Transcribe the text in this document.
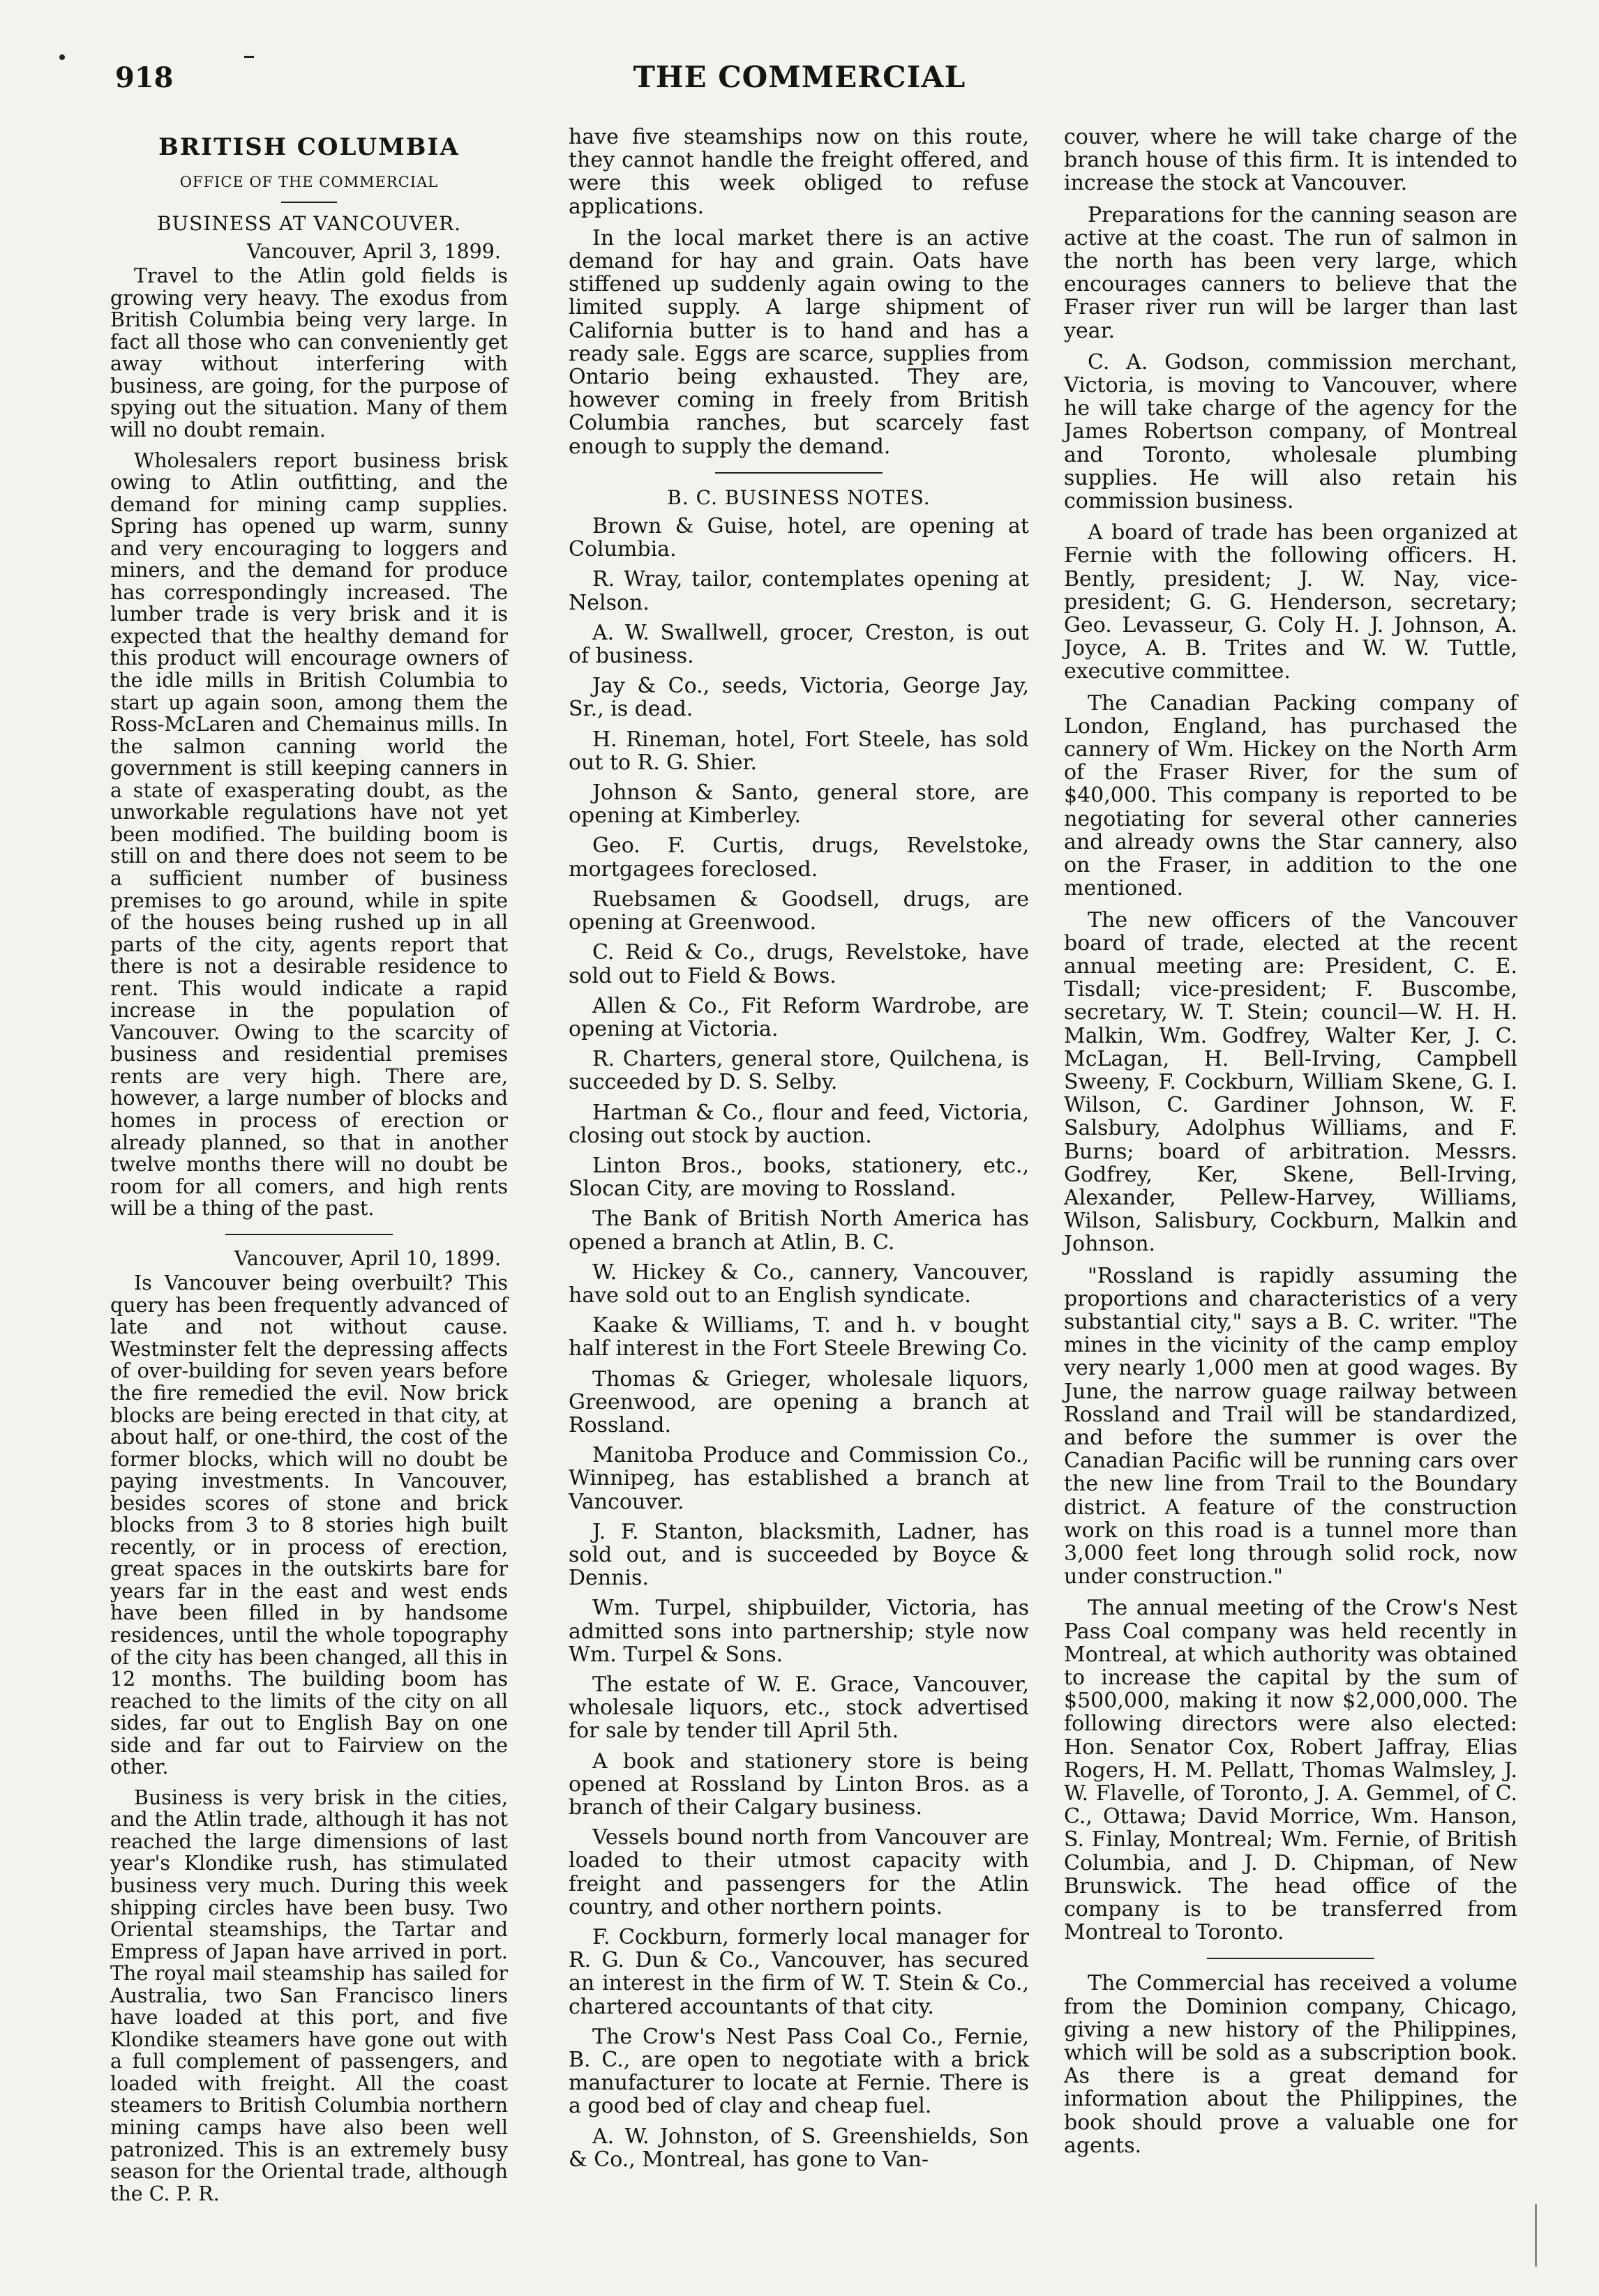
918	THE COMMERCIAL
BRITISH COLUMBIA
OFFICE OF THE COMMERCIAL
BUSINESS AT VANCOUVER.
Vancouver, April 3, 1899.

Travel to the Atlin gold fields is growing very heavy. The exodus from British Columbia being very large. In fact all those who can conveniently get away without interfering with business, are going, for the purpose of spying out the situation. Many of them will no doubt remain.

Wholesalers report business brisk owing to Atlin outfitting, and the demand for mining camp supplies. Spring has opened up warm, sunny and very encouraging to loggers and miners, and the demand for produce has correspondingly increased. The lumber trade is very brisk and it is expected that the healthy demand for this product will encourage owners of the idle mills in British Columbia to start up again soon, among them the Ross-McLaren and Chemainus mills. In the salmon canning world the government is still keeping canners in a state of exasperating doubt, as the unworkable regulations have not yet been modified. The building boom is still on and there does not seem to be a sufficient number of business premises to go around, while in spite of the houses being rushed up in all parts of the city, agents report that there is not a desirable residence to rent. This would indicate a rapid increase in the population of Vancouver. Owing to the scarcity of business and residential premises rents are very high. There are, however, a large number of blocks and homes in process of erection or already planned, so that in another twelve months there will no doubt be room for all comers, and high rents will be a thing of the past.

Vancouver, April 10, 1899.

Is Vancouver being overbuilt? This query has been frequently advanced of late and not without cause. Westminster felt the depressing affects of over-building for seven years before the fire remedied the evil. Now brick blocks are being erected in that city, at about half, or one-third, the cost of the former blocks, which will no doubt be paying investments. In Vancouver, besides scores of stone and brick blocks from 3 to 8 stories high built recently, or in process of erection, great spaces in the outskirts bare for years far in the east and west ends have been filled in by handsome residences, until the whole topography of the city has been changed, all this in 12 months. The building boom has reached to the limits of the city on all sides, far out to English Bay on one side and far out to Fairview on the other.

Business is very brisk in the cities, and the Atlin trade, although it has not reached the large dimensions of last year's Klondike rush, has stimulated business very much. During this week shipping circles have been busy. Two Oriental steamships, the Tartar and Empress of Japan have arrived in port. The royal mail steamship has sailed for Australia, two San Francisco liners have loaded at this port, and five Klondike steamers have gone out with a full complement of passengers, and loaded with freight. All the coast steamers to British Columbia northern mining camps have also been well patronized. This is an extremely busy season for the Oriental trade, although the C. P. R.

have five steamships now on this route, they cannot handle the freight offered, and were this week obliged to refuse applications.

In the local market there is an active demand for hay and grain. Oats have stiffened up suddenly again owing to the limited supply. A large shipment of California butter is to hand and has a ready sale. Eggs are scarce, supplies from Ontario being exhausted. They are, however coming in freely from British Columbia ranches, but scarcely fast enough to supply the demand.

B. C. BUSINESS NOTES.
Brown & Guise, hotel, are opening at Columbia.
R. Wray, tailor, contemplates opening at Nelson.
A. W. Swallwell, grocer, Creston, is out of business.
Jay & Co., seeds, Victoria, George Jay, Sr., is dead.
H. Rineman, hotel, Fort Steele, has sold out to R. G. Shier.
Johnson & Santo, general store, are opening at Kimberley.
Geo. F. Curtis, drugs, Revelstoke, mortgagees foreclosed.
Ruebsamen & Goodsell, drugs, are opening at Greenwood.
C. Reid & Co., drugs, Revelstoke, have sold out to Field & Bows.
Allen & Co., Fit Reform Wardrobe, are opening at Victoria.
R. Charters, general store, Quilchena, is succeeded by D. S. Selby.
Hartman & Co., flour and feed, Victoria, closing out stock by auction.
Linton Bros., books, stationery, etc., Slocan City, are moving to Rossland.
The Bank of British North America has opened a branch at Atlin, B. C.
W. Hickey & Co., cannery, Vancouver, have sold out to an English syndicate.
Kaake & Williams, T. and h. v bought half interest in the Fort Steele Brewing Co.
Thomas & Grieger, wholesale liquors, Greenwood, are opening a branch at Rossland.
Manitoba Produce and Commission Co., Winnipeg, has established a branch at Vancouver.
J. F. Stanton, blacksmith, Ladner, has sold out, and is succeeded by Boyce & Dennis.
Wm. Turpel, shipbuilder, Victoria, has admitted sons into partnership; style now Wm. Turpel & Sons.
The estate of W. E. Grace, Vancouver, wholesale liquors, etc., stock advertised for sale by tender till April 5th.
A book and stationery store is being opened at Rossland by Linton Bros. as a branch of their Calgary business.
Vessels bound north from Vancouver are loaded to their utmost capacity with freight and passengers for the Atlin country, and other northern points.
F. Cockburn, formerly local manager for R. G. Dun & Co., Vancouver, has secured an interest in the firm of W. T. Stein & Co., chartered accountants of that city.
The Crow's Nest Pass Coal Co., Fernie, B. C., are open to negotiate with a brick manufacturer to locate at Fernie. There is a good bed of clay and cheap fuel.
A. W. Johnston, of S. Greenshields, Son & Co., Montreal, has gone to Van-

couver, where he will take charge of the branch house of this firm. It is intended to increase the stock at Vancouver.

Preparations for the canning season are active at the coast. The run of salmon in the north has been very large, which encourages canners to believe that the Fraser river run will be larger than last year.

C. A. Godson, commission merchant, Victoria, is moving to Vancouver, where he will take charge of the agency for the James Robertson company, of Montreal and Toronto, wholesale plumbing supplies. He will also retain his commission business.

A board of trade has been organized at Fernie with the following officers. H. Bently, president; J. W. Nay, vice-president; G. G. Henderson, secretary; Geo. Levasseur, G. Coly H. J. Johnson, A. Joyce, A. B. Trites and W. W. Tuttle, executive committee.

The Canadian Packing company of London, England, has purchased the cannery of Wm. Hickey on the North Arm of the Fraser River, for the sum of $40,000. This company is reported to be negotiating for several other canneries and already owns the Star cannery, also on the Fraser, in addition to the one mentioned.

The new officers of the Vancouver board of trade, elected at the recent annual meeting are: President, C. E. Tisdall; vice-president; F. Buscombe, secretary, W. T. Stein; council—W. H. H. Malkin, Wm. Godfrey, Walter Ker, J. C. McLagan, H. Bell-Irving, Campbell Sweeny, F. Cockburn, William Skene, G. I. Wilson, C. Gardiner Johnson, W. F. Salsbury, Adolphus Williams, and F. Burns; board of arbitration. Messrs. Godfrey, Ker, Skene, Bell-Irving, Alexander, Pellew-Harvey, Williams, Wilson, Salisbury, Cockburn, Malkin and Johnson.

"Rossland is rapidly assuming the proportions and characteristics of a very substantial city," says a B. C. writer. "The mines in the vicinity of the camp employ very nearly 1,000 men at good wages. By June, the narrow guage railway between Rossland and Trail will be standardized, and before the summer is over the Canadian Pacific will be running cars over the new line from Trail to the Boundary district. A feature of the construction work on this road is a tunnel more than 3,000 feet long through solid rock, now under construction."

The annual meeting of the Crow's Nest Pass Coal company was held recently in Montreal, at which authority was obtained to increase the capital by the sum of $500,000, making it now $2,000,000. The following directors were also elected: Hon. Senator Cox, Robert Jaffray, Elias Rogers, H. M. Pellatt, Thomas Walmsley, J. W. Flavelle, of Toronto, J. A. Gemmel, of C. C., Ottawa; David Morrice, Wm. Hanson, S. Finlay, Montreal; Wm. Fernie, of British Columbia, and J. D. Chipman, of New Brunswick. The head office of the company is to be transferred from Montreal to Toronto.

The Commercial has received a volume from the Dominion company, Chicago, giving a new history of the Philippines, which will be sold as a subscription book. As there is a great demand for information about the Philippines, the book should prove a valuable one for agents.
